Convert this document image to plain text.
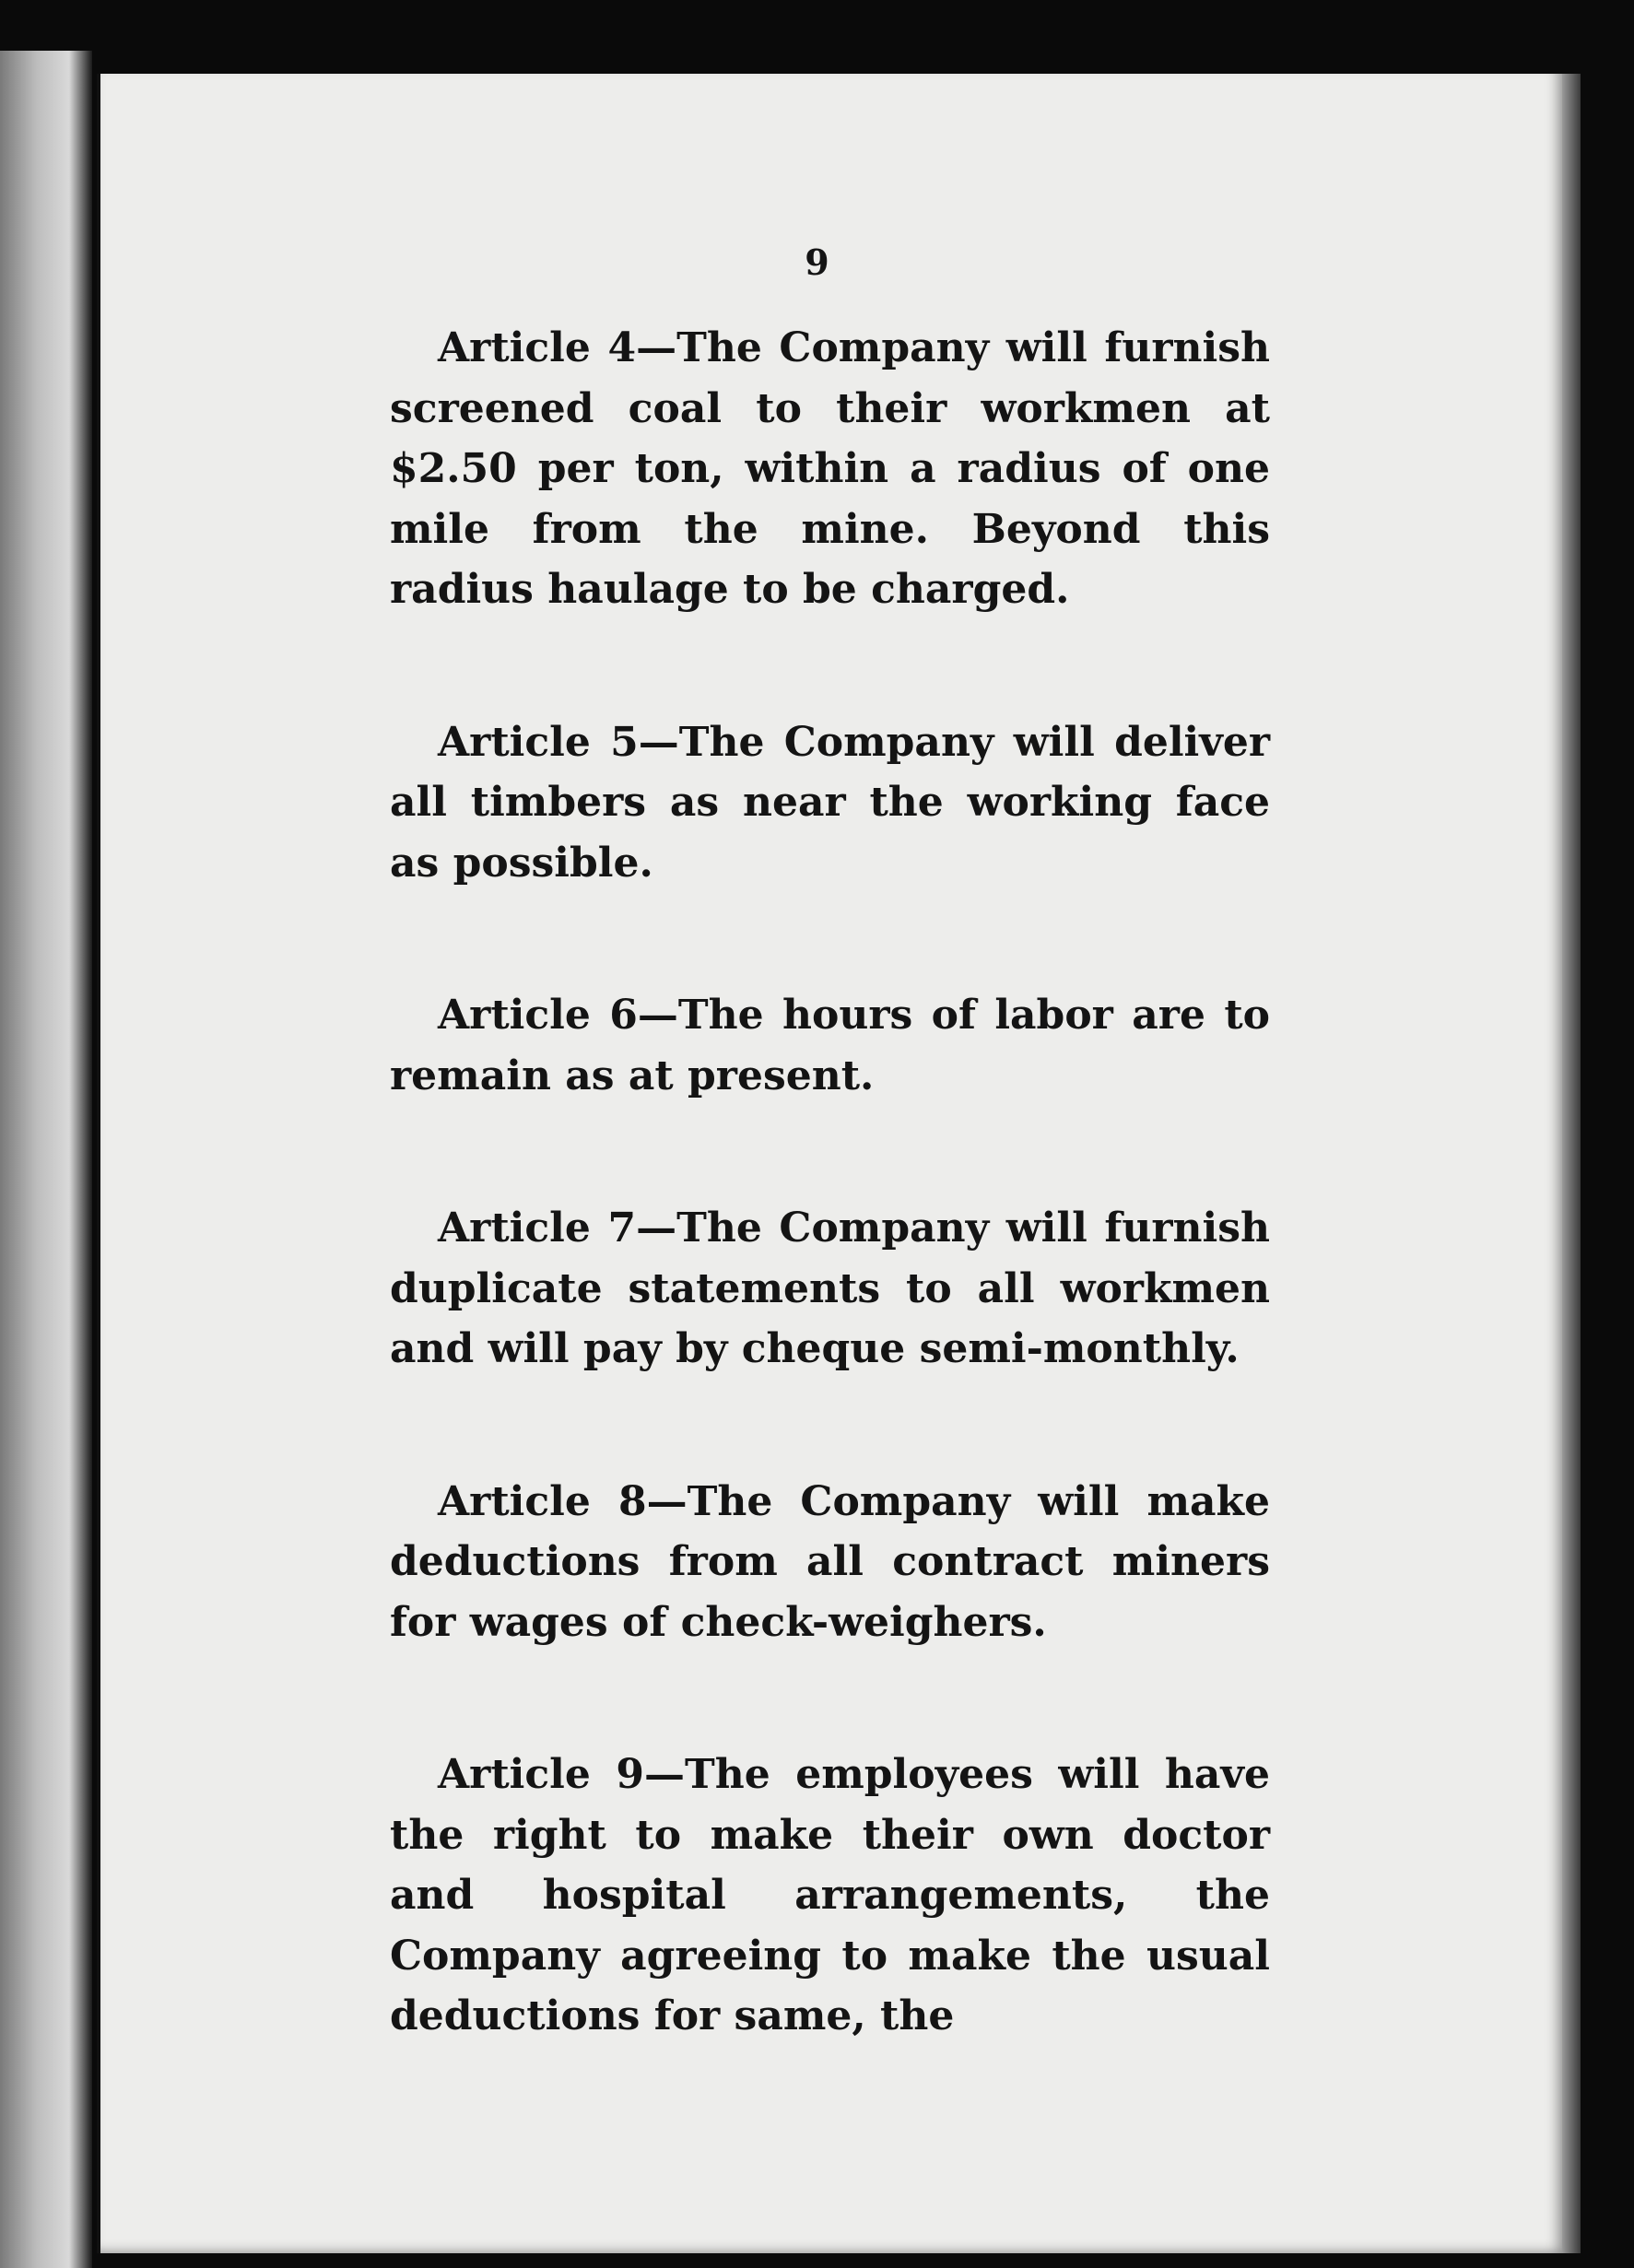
9

Article 4—The Company will furnish screened coal to their workmen at $2.50 per ton, within a radius of one mile from the mine. Beyond this radius haulage to be charged.

Article 5—The Company will deliver all timbers as near the working face as possible.

Article 6—The hours of labor are to remain as at present.

Article 7—The Company will furnish duplicate statements to all workmen and will pay by cheque semi-monthly.

Article 8—The Company will make deductions from all contract miners for wages of check-weighers.

Article 9—The employees will have the right to make their own doctor and hospital arrangements, the Company agreeing to make the usual deductions for same, the
